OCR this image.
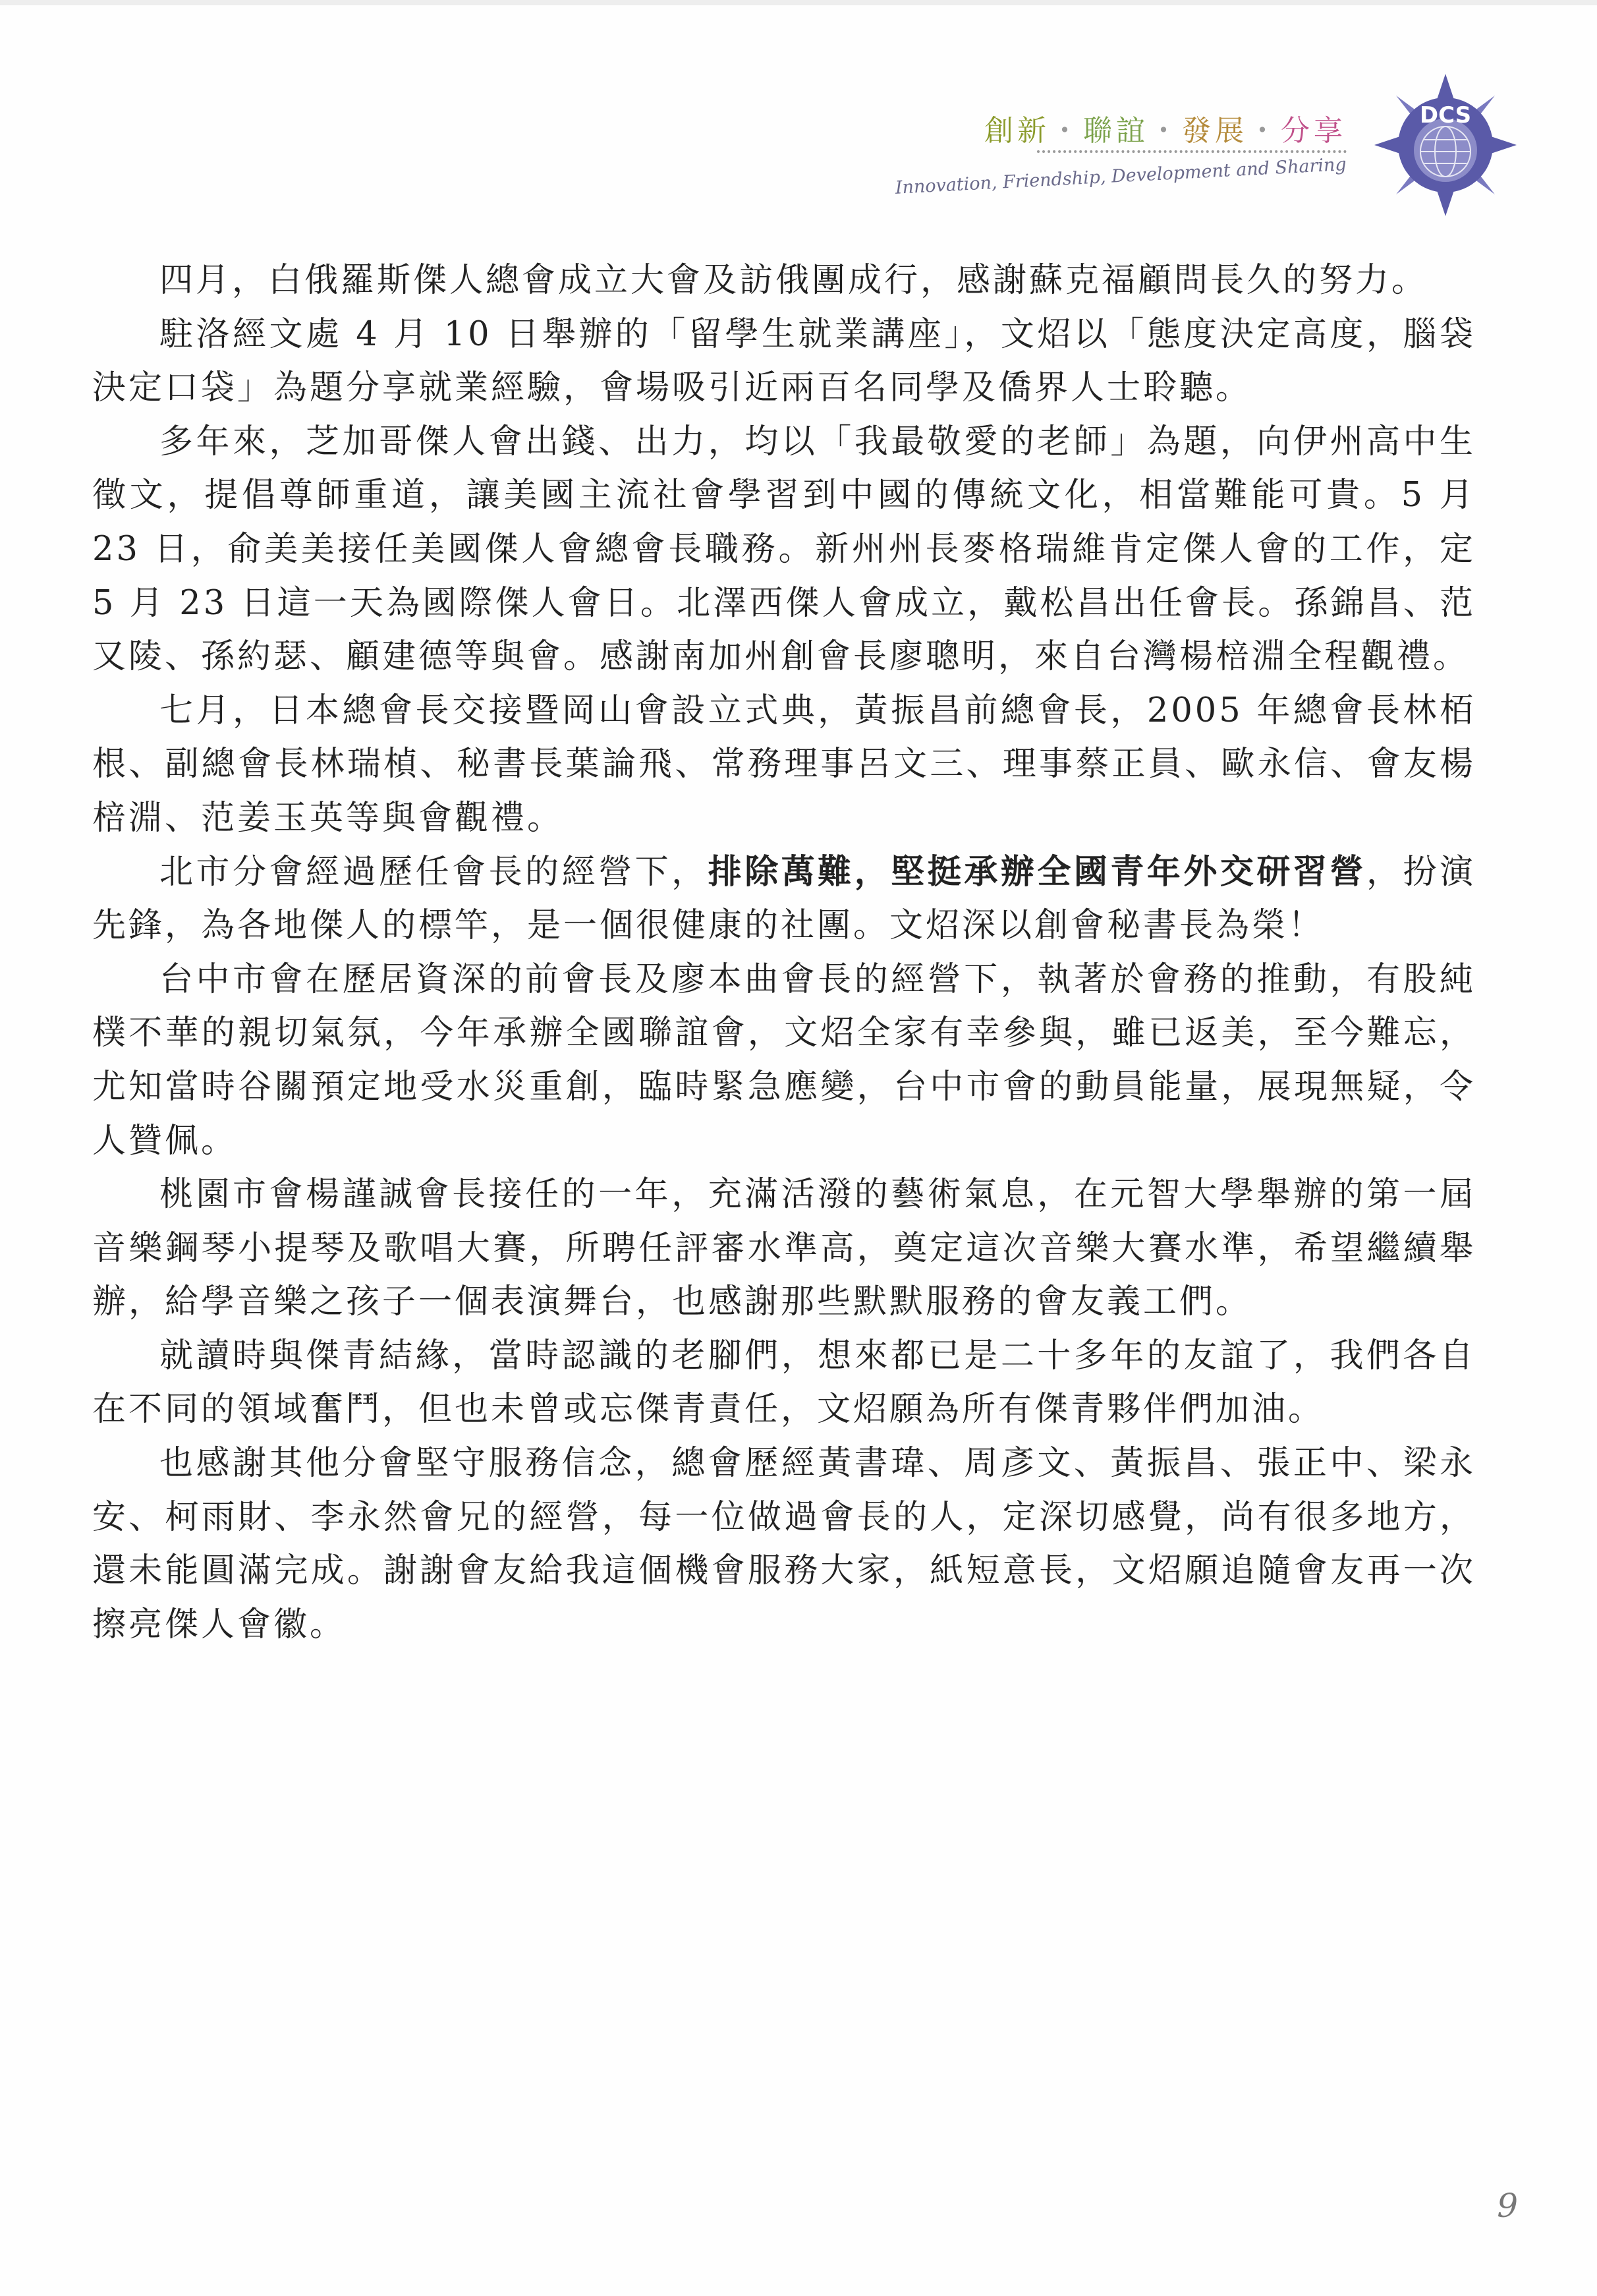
創新・聯誼・發展・分享
Innovation, Friendship, Development and Sharing
DCS

四月，白俄羅斯傑人總會成立大會及訪俄團成行，感謝蘇克福顧問長久的努力。

駐洛經文處 4 月 10 日舉辦的「留學生就業講座」，文炤以「態度決定高度，腦袋決定口袋」為題分享就業經驗，會場吸引近兩百名同學及僑界人士聆聽。

多年來，芝加哥傑人會出錢、出力，均以「我最敬愛的老師」為題，向伊州高中生徵文，提倡尊師重道，讓美國主流社會學習到中國的傳統文化，相當難能可貴。5 月 23 日，俞美美接任美國傑人會總會長職務。新州州長麥格瑞維肯定傑人會的工作，定 5 月 23 日這一天為國際傑人會日。北澤西傑人會成立，戴松昌出任會長。孫錦昌、范又陵、孫約瑟、顧建德等與會。感謝南加州創會長廖聰明，來自台灣楊棓淵全程觀禮。

七月，日本總會長交接暨岡山會設立式典，黃振昌前總會長，2005 年總會長林栢根、副總會長林瑞楨、秘書長葉論飛、常務理事呂文三、理事蔡正員、歐永信、會友楊棓淵、范姜玉英等與會觀禮。

北市分會經過歷任會長的經營下，排除萬難，堅挺承辦全國青年外交研習營，扮演先鋒，為各地傑人的標竿，是一個很健康的社團。文炤深以創會秘書長為榮！

台中市會在歷居資深的前會長及廖本曲會長的經營下，執著於會務的推動，有股純樸不華的親切氣氛，今年承辦全國聯誼會，文炤全家有幸參與，雖已返美，至今難忘，尤知當時谷關預定地受水災重創，臨時緊急應變，台中市會的動員能量，展現無疑，令人贊佩。

桃園市會楊謹誠會長接任的一年，充滿活潑的藝術氣息，在元智大學舉辦的第一屆音樂鋼琴小提琴及歌唱大賽，所聘任評審水準高，奠定這次音樂大賽水準，希望繼續舉辦，給學音樂之孩子一個表演舞台，也感謝那些默默服務的會友義工們。

就讀時與傑青結緣，當時認識的老腳們，想來都已是二十多年的友誼了，我們各自在不同的領域奮鬥，但也未曾或忘傑青責任，文炤願為所有傑青夥伴們加油。

也感謝其他分會堅守服務信念，總會歷經黃書瑋、周彥文、黃振昌、張正中、梁永安、柯雨財、李永然會兄的經營，每一位做過會長的人，定深切感覺，尚有很多地方，還未能圓滿完成。謝謝會友給我這個機會服務大家，紙短意長，文炤願追隨會友再一次擦亮傑人會徽。

9
